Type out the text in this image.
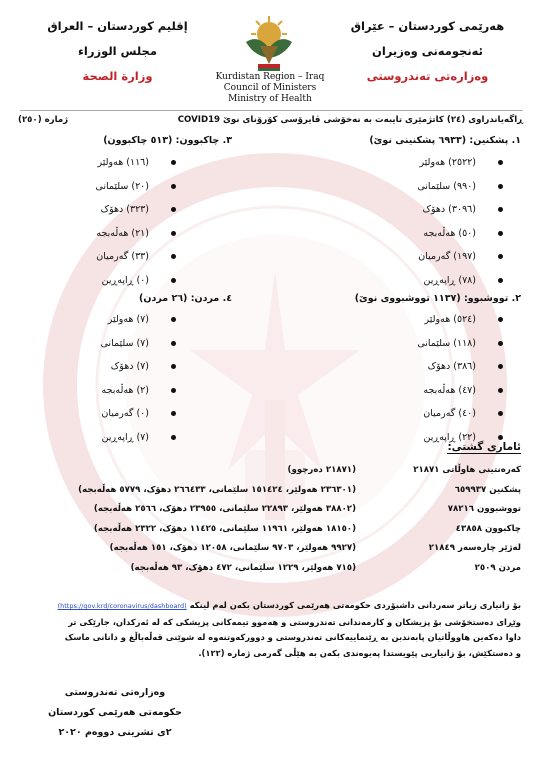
هەرێمی کوردستان – عێراق
ئەنجومەنی وەزیران
وەزارەتی تەندروستی
إقليم كوردستان – العراق
مجلس الوزراء
وزارة الصحة	Kurdistan Region – Iraq
Council of Ministers
Ministry of Health
ڕاگەیاندراوی (٢٤) کاتژمێری تایبەت بە نەخۆشی ڤایرۆسی کۆرۆنای نوێ COVID19
ژمارە (٢٥٠)
١. پشکنین: (٦٩٣٣ پشکنینی نوێ)
(٢٥٢٢) هەولێر
(٩٩٠) سلێمانی
(٣٠٩٦) دهۆک
(٥٠) هەڵەبجە
(١٩٧) گەرمیان
(٧٨) ڕاپەڕین
٣. چاکبوون: (٥١٣ چاکبوون)
(١١٦) هەولێر
(٢٠) سلێمانی
(٣٢٣) دهۆک
(٢١) هەڵەبجە
(٣٣) گەرمیان
(٠) ڕاپەڕین
٢. تووشبوو: (١١٣٧ تووشبووی نوێ)
(٥٢٤) هەولێر
(١١٨) سلێمانی
(٣٨٦) دهۆک
(٤٧) هەڵەبجە
(٤٠) گەرمیان
(٢٢) ڕاپەڕین
٤. مردن: (٢٦ مردن)
(٧) هەولێر
(٧) سلێمانی
(٧) دهۆک
(٢) هەڵەبجە
(٠) گەرمیان
(٧) ڕاپەڕین
ئاماری گشتی:
کەرەنتینی هاوڵاتی ٢١٨٧١
(٢١٨٧١ دەرچوو)
پشکنین ٦٥٩٩٣٧
(٢٣٦٣٠١ هەولێر، ١٥١٤٢٤ سلێمانی، ٢٦٦٤٣٣ دهۆک، ٥٧٧٩ هەڵەبجە)
تووشبوون ٧٨٢١٦
(٣٨٨٠٢ هەولێر، ٢٢٨٩٣ سلێمانی، ٢٣٩٥٥ دهۆک، ٢٥٦٦ هەڵەبجە)
چاکبوون ٤٣٨٥٨
(١٨١٥٠ هەولێر، ١١٩٦١ سلێمانی، ١١٤٢٥ دهۆک، ٢٣٢٢ هەڵەبجە)
لەژێر چارەسەر ٢١٨٤٩
(٩٩٢٧ هەولێر، ٩٧٠٣ سلێمانی، ١٢٠٥٨ دهۆک، ١٥١ هەڵەبجە)
مردن ٢٥٠٩
(٧١٥ هەولێر، ١٢٢٩ سلێمانی، ٤٧٢ دهۆک، ٩٣ هەڵەبجە)
بۆ زانیاری زیاتر سەردانی داشبۆردی حکومەتی هەرێمی کوردستان بکەن لەم لینکە (https://gov.krd/coronavirus/dashboard)
وێڕای دەستخۆشی بۆ پزیشکان و کارمەندانی تەندروستی و هەموو تیمەکانی پزیشکی کە لە ئەرکدان، جارێکی تر
داوا دەکەین هاووڵاتیان پابەندبن بە ڕێنماییەکانی تەندروستی و دوورکەوتنەوە لە شوێنی قەڵەباڵغ و دانانی ماسک
و دەستکێش، بۆ زانیاریی پێویستدا پەیوەندی بکەن بە هێڵی گەرمی ژمارە (١٢٢).
وەزارەتی تەندروستی
حکومەتی هەرێمی کوردستان
٢ی تشرینی دووەم ٢٠٢٠
